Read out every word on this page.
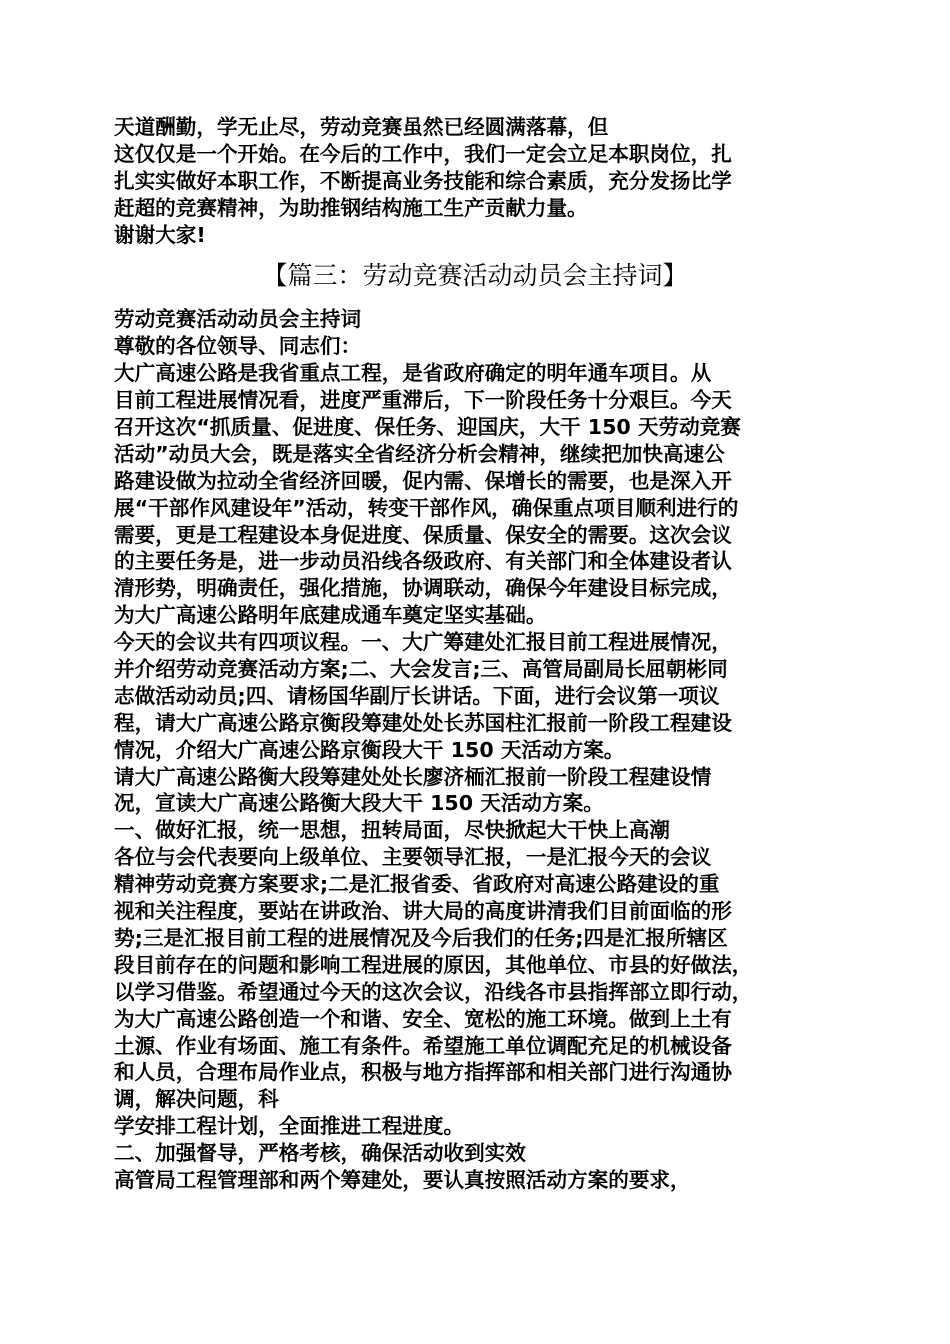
天道酬勤，学无止尽，劳动竞赛虽然已经圆满落幕，但
这仅仅是一个开始。在今后的工作中，我们一定会立足本职岗位，扎
扎实实做好本职工作，不断提高业务技能和综合素质，充分发扬比学
赶超的竞赛精神，为助推钢结构施工生产贡献力量。
谢谢大家!
【篇三：劳动竞赛活动动员会主持词】
劳动竞赛活动动员会主持词
尊敬的各位领导、同志们：
大广高速公路是我省重点工程，是省政府确定的明年通车项目。从
目前工程进展情况看，进度严重滞后，下一阶段任务十分艰巨。今天
召开这次“抓质量、促进度、保任务、迎国庆，大干 150 天劳动竞赛
活动”动员大会，既是落实全省经济分析会精神，继续把加快高速公
路建设做为拉动全省经济回暖，促内需、保增长的需要，也是深入开
展“干部作风建设年”活动，转变干部作风，确保重点项目顺利进行的
需要，更是工程建设本身促进度、保质量、保安全的需要。这次会议
的主要任务是，进一步动员沿线各级政府、有关部门和全体建设者认
清形势，明确责任，强化措施，协调联动，确保今年建设目标完成，
为大广高速公路明年底建成通车奠定坚实基础。
今天的会议共有四项议程。一、大广筹建处汇报目前工程进展情况，
并介绍劳动竞赛活动方案;二、大会发言;三、高管局副局长屈朝彬同
志做活动动员;四、请杨国华副厅长讲话。下面，进行会议第一项议
程，请大广高速公路京衡段筹建处处长苏国柱汇报前一阶段工程建设
情况，介绍大广高速公路京衡段大干 150 天活动方案。
请大广高速公路衡大段筹建处处长廖济栭汇报前一阶段工程建设情
况，宣读大广高速公路衡大段大干 150 天活动方案。
一、做好汇报，统一思想，扭转局面，尽快掀起大干快上高潮
各位与会代表要向上级单位、主要领导汇报，一是汇报今天的会议
精神劳动竞赛方案要求;二是汇报省委、省政府对高速公路建设的重
视和关注程度，要站在讲政治、讲大局的高度讲清我们目前面临的形
势;三是汇报目前工程的进展情况及今后我们的任务;四是汇报所辖区
段目前存在的问题和影响工程进展的原因，其他单位、市县的好做法，
以学习借鉴。希望通过今天的这次会议，沿线各市县指挥部立即行动，
为大广高速公路创造一个和谐、安全、宽松的施工环境。做到上土有
土源、作业有场面、施工有条件。希望施工单位调配充足的机械设备
和人员，合理布局作业点，积极与地方指挥部和相关部门进行沟通协
调，解决问题，科
学安排工程计划，全面推进工程进度。
二、加强督导，严格考核，确保活动收到实效
高管局工程管理部和两个筹建处，要认真按照活动方案的要求，
